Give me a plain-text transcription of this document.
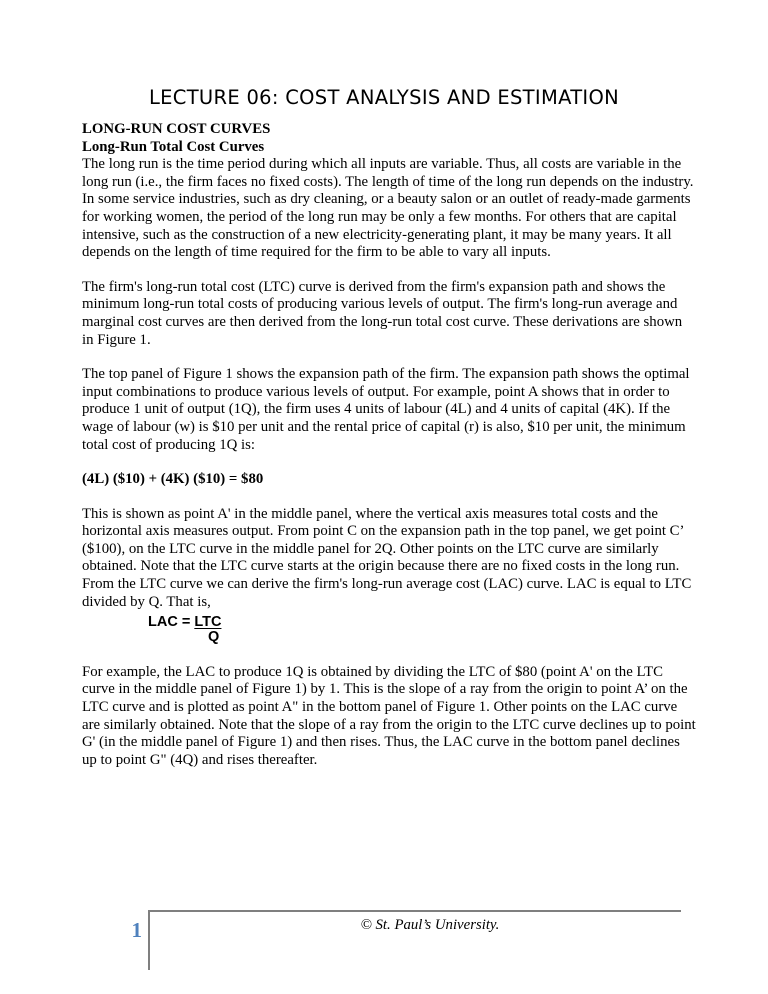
LECTURE 06: COST ANALYSIS AND ESTIMATION

LONG-RUN COST CURVES

Long-Run Total Cost Curves

The long run is the time period during which all inputs are variable. Thus, all costs are variable in the long run (i.e., the firm faces no fixed costs). The length of time of the long run depends on the industry. In some service industries, such as dry cleaning, or a beauty salon or an outlet of ready-made garments for working women, the period of the long run may be only a few months. For others that are capital intensive, such as the construction of a new electricity-generating plant, it may be many years. It all depends on the length of time required for the firm to be able to vary all inputs.

The firm's long-run total cost (LTC) curve is derived from the firm's expansion path and shows the minimum long-run total costs of producing various levels of output. The firm's long-run average and marginal cost curves are then derived from the long-run total cost curve. These derivations are shown in Figure 1.

The top panel of Figure 1 shows the expansion path of the firm. The expansion path shows the optimal input combinations to produce various levels of output. For example, point A shows that in order to produce 1 unit of output (1Q), the firm uses 4 units of labour (4L) and 4 units of capital (4K). If the wage of labour (w) is $10 per unit and the rental price of capital (r) is also, $10 per unit, the minimum total cost of producing 1Q is:

(4L) ($10) + (4K) ($10) = $80

This is shown as point A' in the middle panel, where the vertical axis measures total costs and the horizontal axis measures output. From point C on the expansion path in the top panel, we get point C’ ($100), on the LTC curve in the middle panel for 2Q. Other points on the LTC curve are similarly obtained. Note that the LTC curve starts at the origin because there are no fixed costs in the long run.

From the LTC curve we can derive the firm's long-run average cost (LAC) curve. LAC is equal to LTC divided by Q. That is,

LAC = LTC
Q

For example, the LAC to produce 1Q is obtained by dividing the LTC of $80 (point A' on the LTC curve in the middle panel of Figure 1) by 1. This is the slope of a ray from the origin to point A’ on the LTC curve and is plotted as point A" in the bottom panel of Figure 1. Other points on the LAC curve are similarly obtained. Note that the slope of a ray from the origin to the LTC curve declines up to point G' (in the middle panel of Figure 1) and then rises. Thus, the LAC curve in the bottom panel declines up to point G" (4Q) and rises thereafter.

1	© St. Paul’s University.
